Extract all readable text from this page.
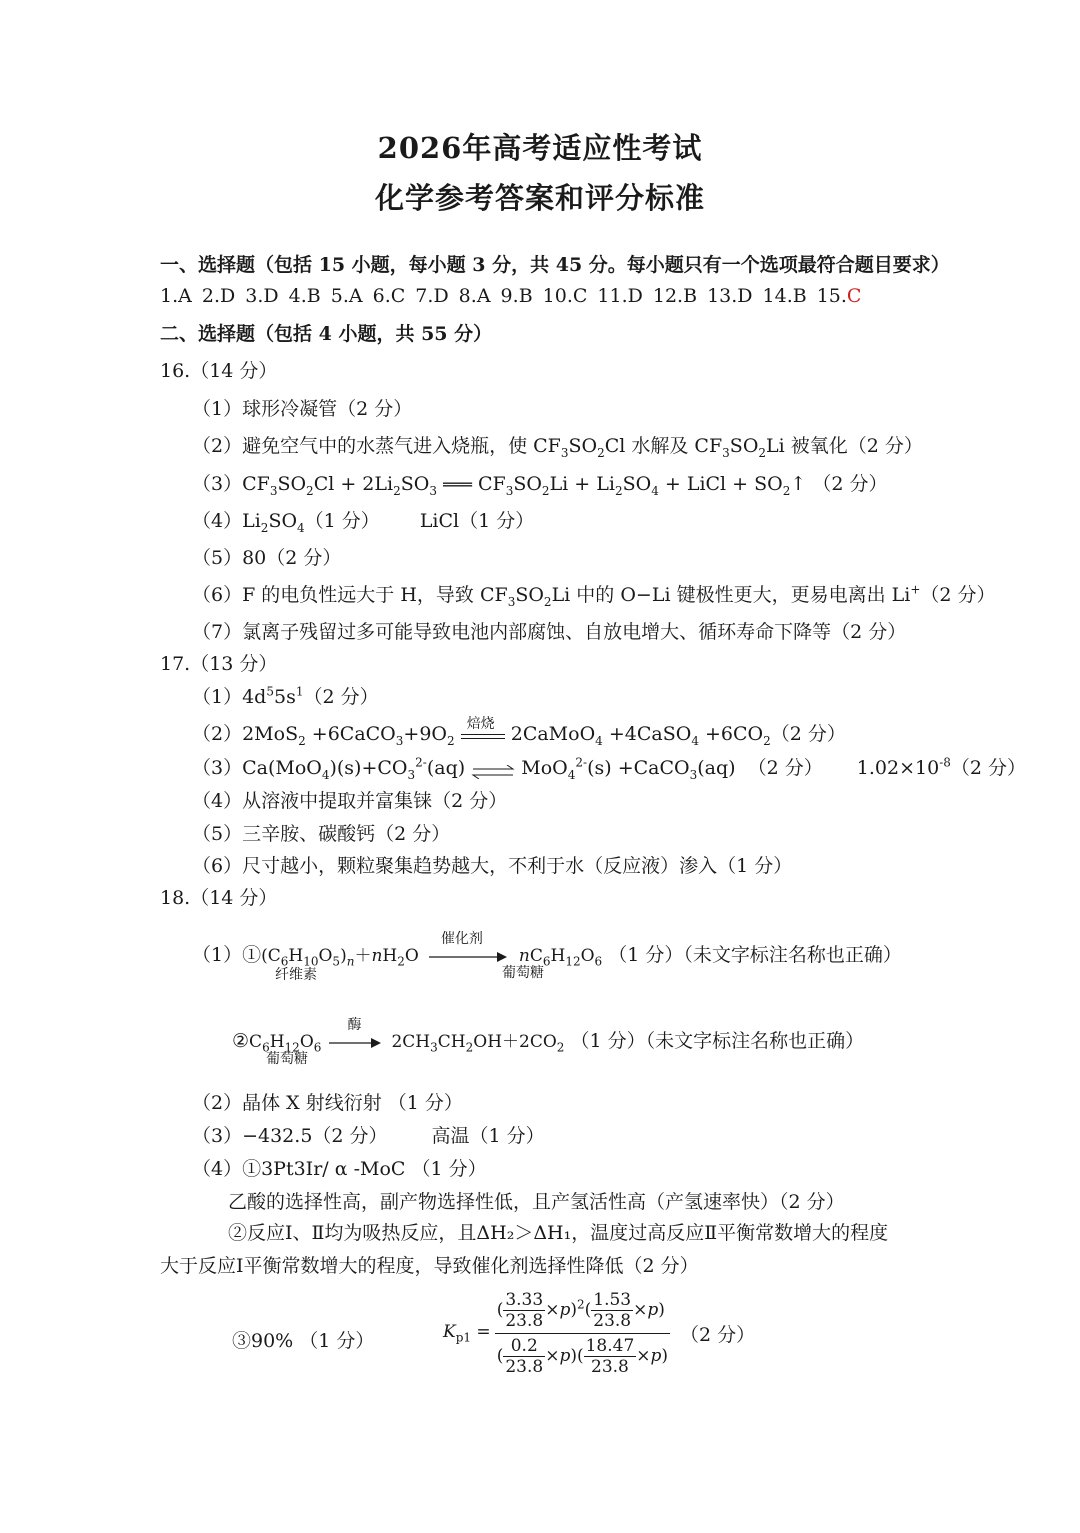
2026年高考适应性考试
化学参考答案和评分标准
一、选择题（包括 15 小题，每小题 3 分，共 45 分。每小题只有一个选项最符合题目要求）
1.A 2.D 3.D 4.B 5.A 6.C 7.D 8.A 9.B 10.C 11.D 12.B 13.D 14.B 15.C
二、选择题（包括 4 小题，共 55 分）
16.（14 分）
（1）球形冷凝管（2 分）
（2）避免空气中的水蒸气进入烧瓶，使 $CF_3SO_2Cl$ 水解及 $CF_3SO_2Li$ 被氧化（2 分）
$(3)CF_3SO_2Cl + 2Li_2SO_3$ ═══ $CF_3SO_2Li + Li_2SO_4$ + LiCl + $SO_2↑$ （2 分）
$(4)Li_2SO_4(1$ 分） LiCl（1 分）
（5）80（2 分）
（6）F 的电负性远大于 H，导致 $CF_3SO_2Li$ 中的 O−Li 键极性更大，更易电离出 Li+（2 分）
（7）氯离子残留过多可能导致电池内部腐蚀、自放电增大、循环寿命下降等（2 分）
17.（13 分）
$(1)4d^55s^1(2$ 分）
$(2)2MoS_2 +6CaCO_3+9O_2$
焙烧 2CaMoO$_4$ +4CaSO$_4$ $+6CO_2(2$ 分）
$(3)Ca(MoO_4)(s)+CO_3^{2-}(aq)$ ⇌ MoO$_4^{2-}$(s) +CaCO$_3$(aq)  （2 分） $1.02\times 10^{-8}(2$ 分）
（4）从溶液中提取并富集铼（2 分）
（5）三辛胺、碳酸钙（2 分）
（6）尺寸越小，颗粒聚集趋势越大，不利于水（反应液）渗入（1 分）
18.（14 分）
$(1)①(C_6H_{10}O_5)_n+nH_2O$
催化剂
$nC_6H_{12}O_6$ （1 分）（未文字标注名称也正确）
纤维素	葡萄糖
$②C_6H_{12}O_6$
酶
$2CH_3CH_2OH+2CO_2$ （1 分）（未文字标注名称也正确）
葡萄糖
（2）晶体 X 射线衍射 （1 分）
（3）−432.5（2 分） 高温（1 分）
（4）①3Pt3Ir/ α -MoC （1 分）
乙酸的选择性高，副产物选择性低，且产氢活性高（产氢速率快）（2 分）
②反应Ⅰ、Ⅱ均为吸热反应，且ΔH₂＞ΔH₁，温度过高反应Ⅱ平衡常数增大的程度
大于反应Ⅰ平衡常数增大的程度，导致催化剂选择性降低（2 分）
③90% （1 分）	$K_{p1}$ =	( $\frac{3.33}{23.8} \times p)^2( \frac{1.53}{23.8} \times p)$	（2 分）
( $\frac{0.2}{23.8} \times p)( \frac{18.47}{23.8} \times p)$
